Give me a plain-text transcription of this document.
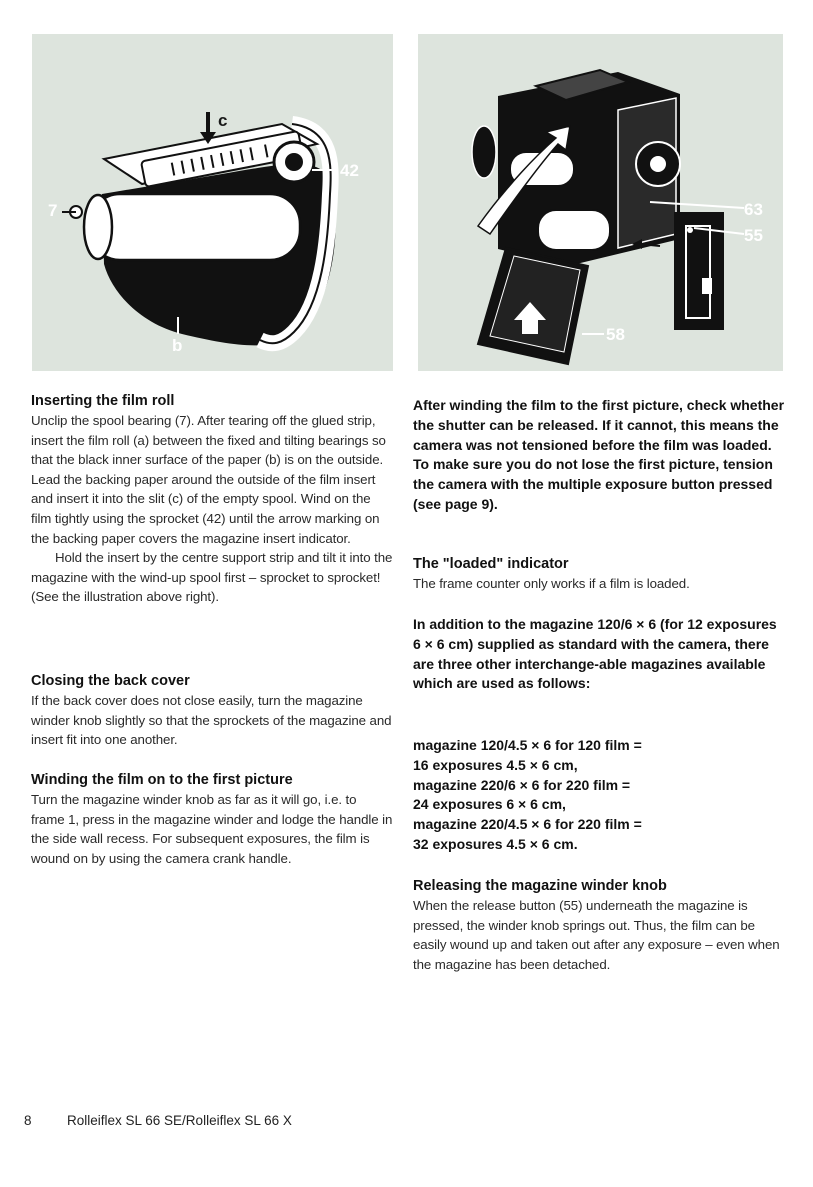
c
42
7
b
63
55
58
Inserting the film roll

Unclip the spool bearing (7). After tearing off the glued strip, insert the film roll (a) between the fixed and tilting bearings so that the black inner surface of the paper (b) is on the outside. Lead the backing paper around the outside of the film insert and insert it into the slit (c) of the empty spool. Wind on the film tightly using the sprocket (42) until the arrow marking on the backing paper covers the magazine insert indicator.

Hold the insert by the centre support strip and tilt it into the magazine with the wind-up spool first – sprocket to sprocket! (See the illustration above right).

Closing the back cover

If the back cover does not close easily, turn the magazine winder knob slightly so that the sprockets of the magazine and insert fit into one another.

Winding the film on to the first picture

Turn the magazine winder knob as far as it will go, i.e. to frame 1, press in the magazine winder and lodge the handle in the side wall recess. For subsequent exposures, the film is wound on by using the camera crank handle.

After winding the film to the first picture, check whether the shutter can be released. If it cannot, this means the camera was not tensioned before the film was loaded. To make sure you do not lose the first picture, tension the camera with the multiple exposure button pressed (see page 9).

The "loaded" indicator

The frame counter only works if a film is loaded.

In addition to the magazine 120/6 × 6 (for 12 exposures 6 × 6 cm) supplied as standard with the camera, there are three other interchange-able magazines available which are used as follows:

magazine 120/4.5 × 6 for 120 film =
16 exposures 4.5 × 6 cm,
magazine 220/6 × 6 for 220 film =
24 exposures 6 × 6 cm,
magazine 220/4.5 × 6 for 220 film =
32 exposures 4.5 × 6 cm.
Releasing the magazine winder knob

When the release button (55) underneath the magazine is pressed, the winder knob springs out. Thus, the film can be easily wound up and taken out after any exposure – even when the magazine has been detached.

8	Rolleiflex SL 66 SE/Rolleiflex SL 66 X
